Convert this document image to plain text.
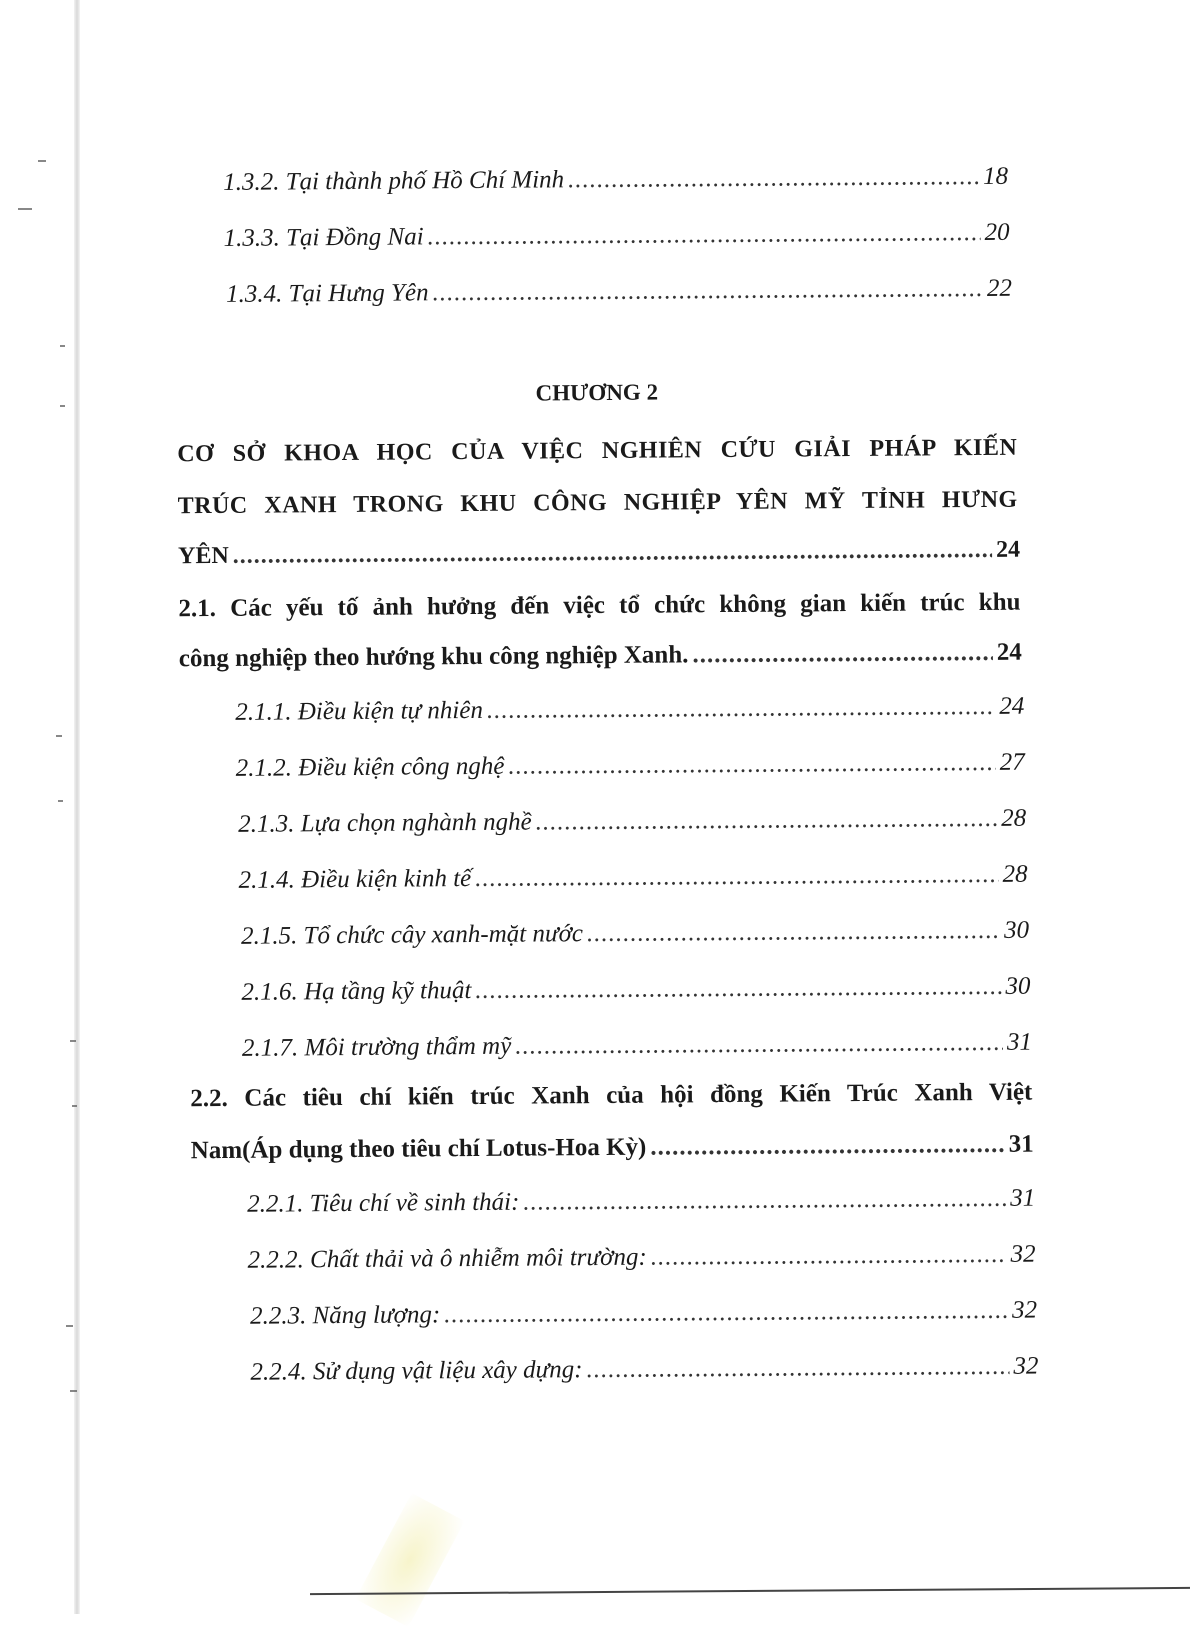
1.3.2. Tại thành phố Hồ Chí Minh .....	18
1.3.3. Tại Đồng Nai .....	20
1.3.4. Tại Hưng Yên .....	22
CHƯƠNG 2
CƠ SỞ KHOA HỌC CỦA VIỆC NGHIÊN CỨU GIẢI PHÁP KIẾN
TRÚC XANH TRONG KHU CÔNG NGHIỆP YÊN MỸ TỈNH HƯNG
YÊN .....	24
2.1. Các yếu tố ảnh hưởng đến việc tổ chức không gian kiến trúc khu
công nghiệp theo hướng khu công nghiệp Xanh. .....	24
2.1.1. Điều kiện tự nhiên .....	24
2.1.2. Điều kiện công nghệ .....	27
2.1.3. Lựa chọn nghành nghề .....	28
2.1.4. Điều kiện kinh tế .....	28
2.1.5. Tổ chức cây xanh-mặt nước .....	30
2.1.6. Hạ tầng kỹ thuật .....	30
2.1.7. Môi trường thẩm mỹ .....	31
2.2. Các tiêu chí kiến trúc Xanh của hội đồng Kiến Trúc Xanh Việt
Nam(Áp dụng theo tiêu chí Lotus-Hoa Kỳ) .....	31
2.2.1. Tiêu chí về sinh thái: .....	31
2.2.2. Chất thải và ô nhiễm môi trường: .....	32
2.2.3. Năng lượng: .....	32
2.2.4. Sử dụng vật liệu xây dựng: .....	32
